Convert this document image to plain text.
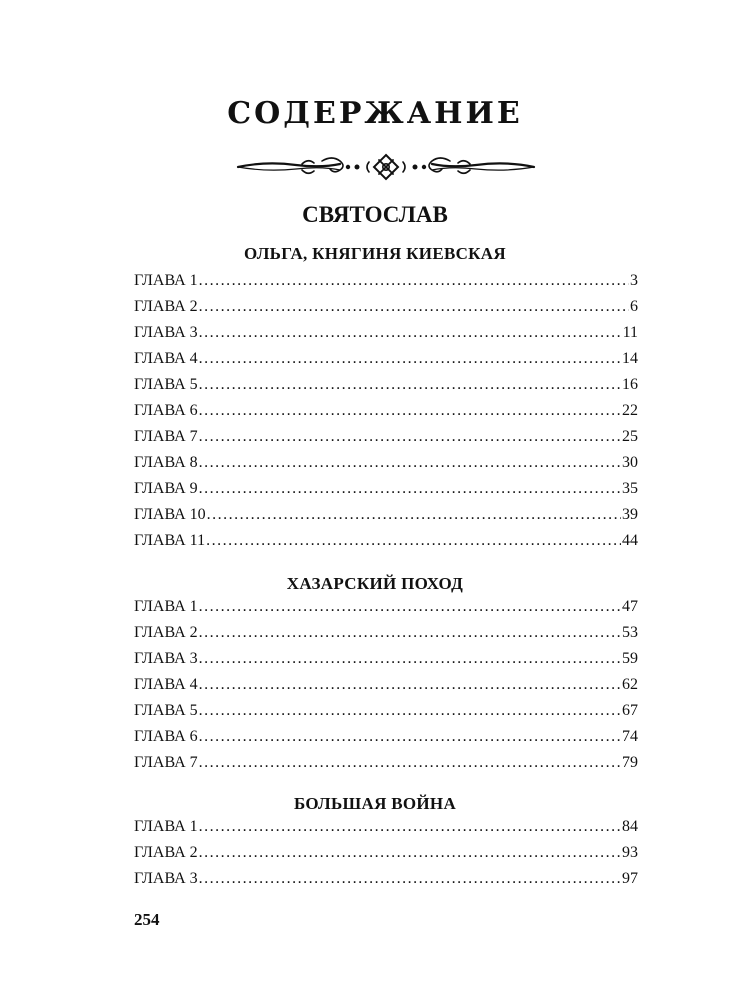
СОДЕРЖАНИЕ
СВЯТОСЛАВ
ОЛЬГА, КНЯГИНЯ КИЕВСКАЯ
ГЛАВА 1 .....	3
ГЛАВА 2 .....	6
ГЛАВА 3 .....	11
ГЛАВА 4 .....	14
ГЛАВА 5 .....	16
ГЛАВА 6 .....	22
ГЛАВА 7 .....	25
ГЛАВА 8 .....	30
ГЛАВА 9 .....	35
ГЛАВА 10 .....	39
ГЛАВА 11 .....	44
ХАЗАРСКИЙ ПОХОД
ГЛАВА 1 .....	47
ГЛАВА 2 .....	53
ГЛАВА 3 .....	59
ГЛАВА 4 .....	62
ГЛАВА 5 .....	67
ГЛАВА 6 .....	74
ГЛАВА 7 .....	79
БОЛЬШАЯ ВОЙНА
ГЛАВА 1 .....	84
ГЛАВА 2 .....	93
ГЛАВА 3 .....	97
254
